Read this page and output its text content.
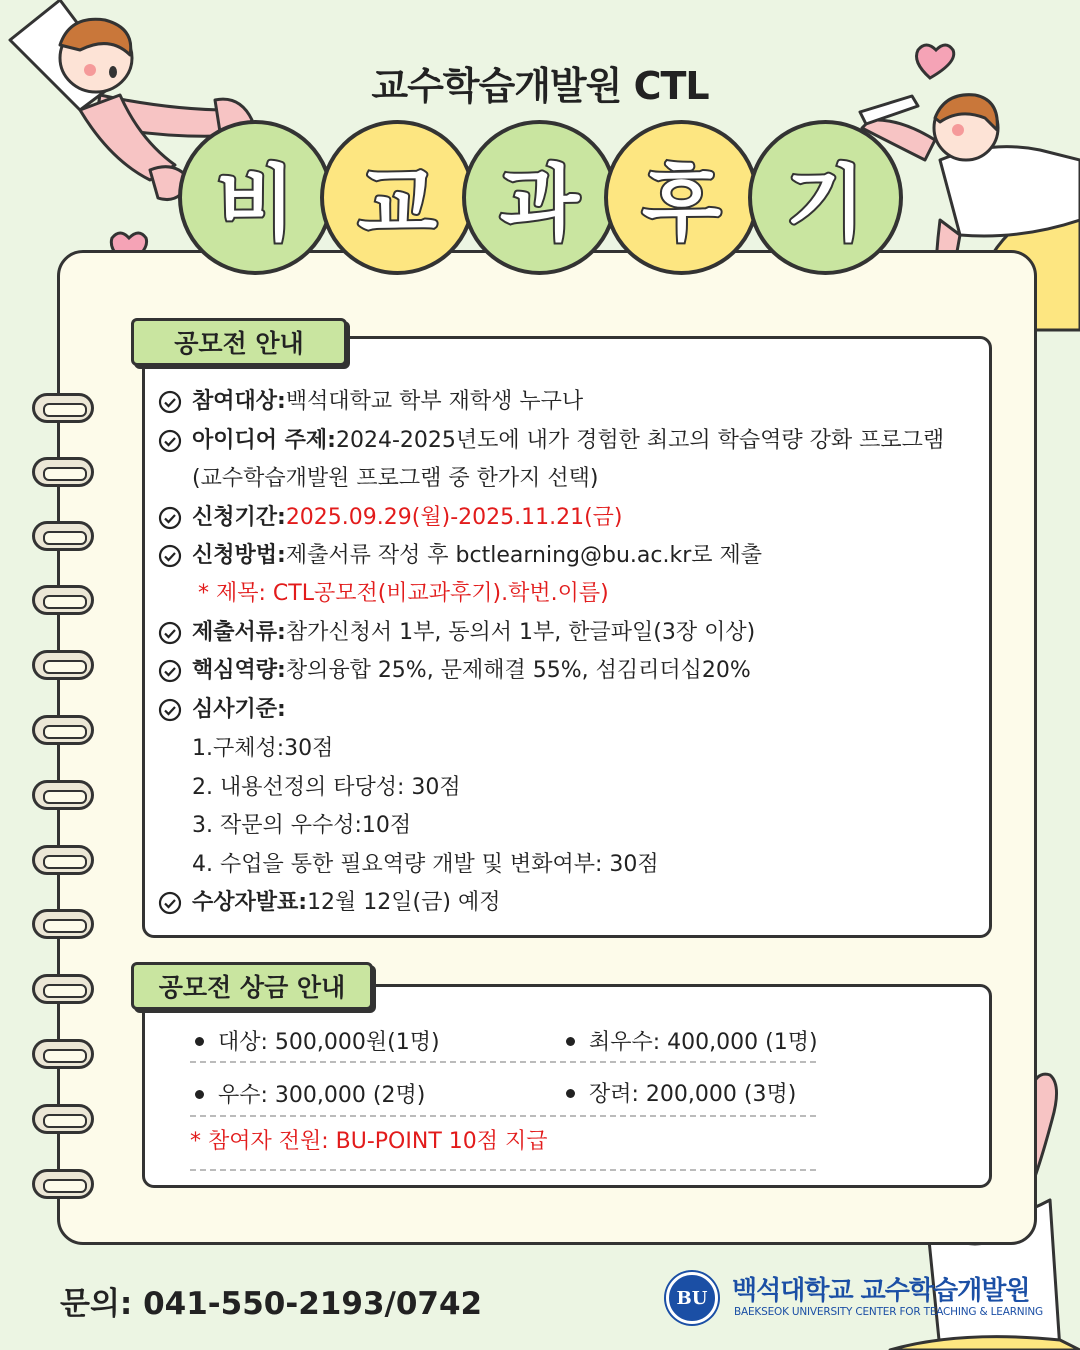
교수학습개발원 CTL
비 교 과 후 기
공모전 안내
참여대상: 백석대학교 학부 재학생 누구나
아이디어 주제: 2024-2025년도에 내가 경험한 최고의 학습역량 강화 프로그램
(교수학습개발원 프로그램 중 한가지 선택)
신청기간: 2025.09.29(월)-2025.11.21(금)
신청방법: 제출서류 작성 후 bctlearning@bu.ac.kr로 제출
* 제목: CTL공모전(비교과후기).학번.이름)
제출서류: 참가신청서 1부, 동의서 1부, 한글파일(3장 이상)
핵심역량: 창의융합 25%, 문제해결 55%, 섬김리더십20%
심사기준:
1.구체성:30점
2. 내용선정의 타당성: 30점
3. 작문의 우수성:10점
4. 수업을 통한 필요역량 개발 및 변화여부: 30점
수상자발표: 12월 12일(금) 예정
공모전 상금 안내
대상: 500,000원(1명)	최우수: 400,000 (1명)
우수: 300,000 (2명)	장려: 200,000 (3명)
* 참여자 전원: BU-POINT 10점 지급
문의: 041-550-2193/0742	BU 백석대학교 교수학습개발원
BAEKSEOK UNIVERSITY CENTER FOR TEACHING & LEARNING
